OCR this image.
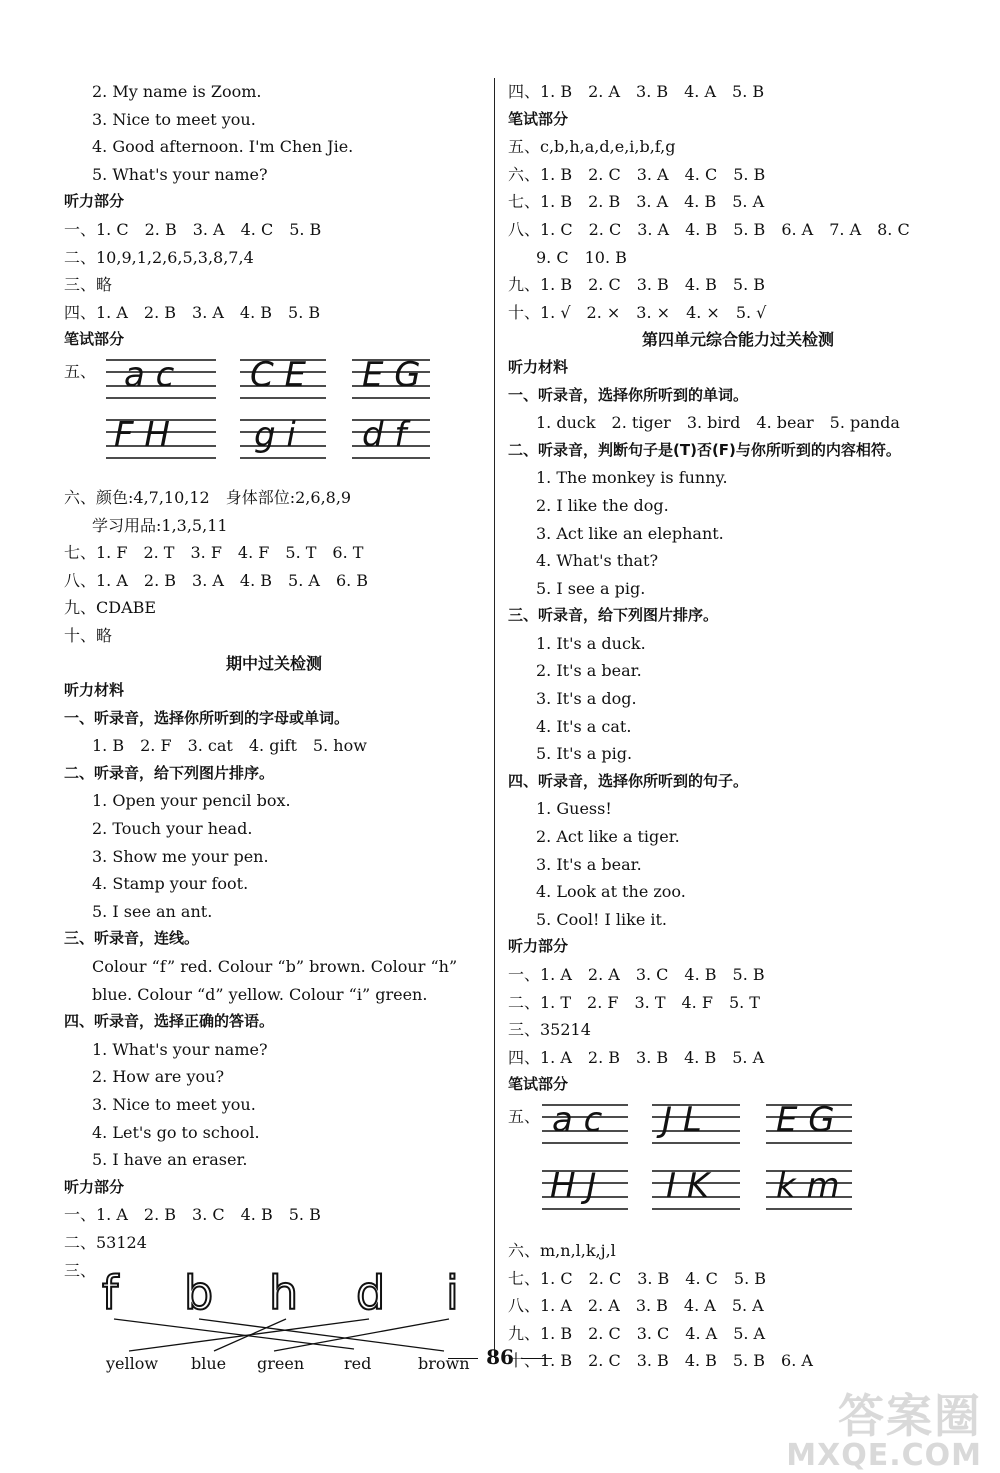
2. My name is Zoom.
3. Nice to meet you.
4. Good afternoon. I'm Chen Jie.
5. What's your name?
听力部分
一、1. C　2. B　3. A　4. C　5. B
二、10,9,1,2,6,5,3,8,7,4
三、略
四、1. A　2. B　3. A　4. B　5. B
笔试部分
五、 a c C E E G
F H g i d f
六、颜色:4,7,10,12　身体部位:2,6,8,9
学习用品:1,3,5,11
七、1. F　2. T　3. F　4. F　5. T　6. T
八、1. A　2. B　3. A　4. B　5. A　6. B
九、CDABE
十、略
期中过关检测
听力材料
一、听录音，选择你所听到的字母或单词。
1. B　2. F　3. cat　4. gift　5. how
二、听录音，给下列图片排序。
1. Open your pencil box.
2. Touch your head.
3. Show me your pen.
4. Stamp your foot.
5. I see an ant.
三、听录音，连线。
Colour “f” red. Colour “b” brown. Colour “h”
blue. Colour “d” yellow. Colour “i” green.
四、听录音，选择正确的答语。
1. What's your name?
2. How are you?
3. Nice to meet you.
4. Let's go to school.
5. I have an eraser.
听力部分
一、1. A　2. B　3. C　4. B　5. B
二、53124
三、 f b h d i
yellow blue green red	brown
四、1. B　2. A　3. B　4. A　5. B
笔试部分
五、c,b,h,a,d,e,i,b,f,g
六、1. B　2. C　3. A　4. C　5. B
七、1. B　2. B　3. A　4. B　5. A
八、1. C　2. C　3. A　4. B　5. B　6. A　7. A　8. C
9. C　10. B
九、1. B　2. C　3. B　4. B　5. B
十、1. √　2. ×　3. ×　4. ×　5. √
第四单元综合能力过关检测
听力材料
一、听录音，选择你所听到的单词。
1. duck　2. tiger　3. bird　4. bear　5. panda
二、听录音，判断句子是(T)否(F)与你所听到的内容相符。
1. The monkey is funny.
2. I like the dog.
3. Act like an elephant.
4. What's that?
5. I see a pig.
三、听录音，给下列图片排序。
1. It's a duck.
2. It's a bear.
3. It's a dog.
4. It's a cat.
5. It's a pig.
四、听录音，选择你所听到的句子。
1. Guess!
2. Act like a tiger.
3. It's a bear.
4. Look at the zoo.
5. Cool! I like it.
听力部分
一、1. A　2. A　3. C　4. B　5. B
二、1. T　2. F　3. T　4. F　5. T
三、35214
四、1. A　2. B　3. B　4. B　5. A
笔试部分
五、 a c J L E G
H J I K k m
六、m,n,l,k,j,l
七、1. C　2. C　3. B　4. C　5. B
八、1. A　2. A　3. B　4. A　5. A
九、1. B　2. C　3. C　4. A　5. A
十、1. B　2. C　3. B　4. B　5. B　6. A
86
答案圈
MXQE.COM
